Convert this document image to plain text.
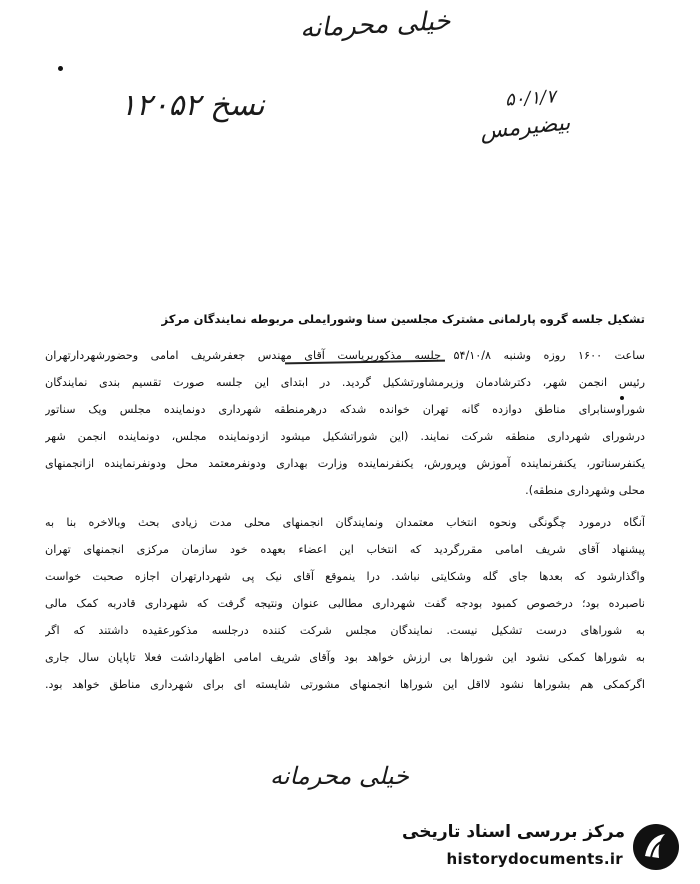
خیلی محرمانه
نسخ ۱۲۰۵۲	۵۰/۱/۷
بیضیرمس
تشکیل جلسه گروه پارلمانی مشترک مجلسین سنا وشورایملی مربوطه نمایندگان مرکز
ساعت ۱۶۰۰ روزه وشنبه ۵۴/۱۰/۸ جلسه مذکوربریاست آقای مهندس جعفرشریف امامی وحضورشهردارتهران
رئیس انجمن شهر، دکترشادمان وزیرمشاورتشکیل گردید. در ابتدای این جلسه صورت تقسیم بندی نمایندگان
شوراوسنابرای مناطق دوازده گانه تهران خوانده شدکه درهرمنطقه شهرداری دونماینده مجلس ویک سناتور
درشورای شهرداری منطقه شرکت نمایند. (این شوراتشکیل میشود ازدونماینده مجلس، دونماینده انجمن شهر
یکنفرسناتور، یکنفرنماینده آموزش وپرورش، یکنفرنماینده وزارت بهداری ودونفرمعتمد محل ودونفرنماینده ازانجمنهای
محلی وشهرداری منطقه).
آنگاه درمورد چگونگی ونحوه انتخاب معتمدان ونمایندگان انجمنهای محلی مدت زیادی بحث وبالاخره بنا به
پیشنهاد آقای شریف امامی مقررگردید که انتخاب این اعضاء بعهده خود سازمان مرکزی انجمنهای تهران
واگذارشود که بعدها جای گله وشکایتی نباشد. درا ینموقع آقای نیک پی شهردارتهران اجازه صحبت خواست
ناصبرده بود؛ درخصوص کمبود بودجه گفت شهرداری مطالبی عنوان ونتیجه گرفت که شهرداری قادربه کمک مالی
به شوراهای درست تشکیل نیست. نمایندگان مجلس شرکت کننده درجلسه مذکورعقیده داشتند که اگر
به شوراها کمکی نشود این شوراها بی ارزش خواهد بود وآقای شریف امامی اظهارداشت فعلا تاپایان سال جاری
اگرکمکی هم بشوراها نشود لااقل این شوراها انجمنهای مشورتی شایسته ای برای شهرداری مناطق خواهد بود.
خیلی محرمانه
مرکز بررسی اسناد تاریخی
historydocuments.ir
